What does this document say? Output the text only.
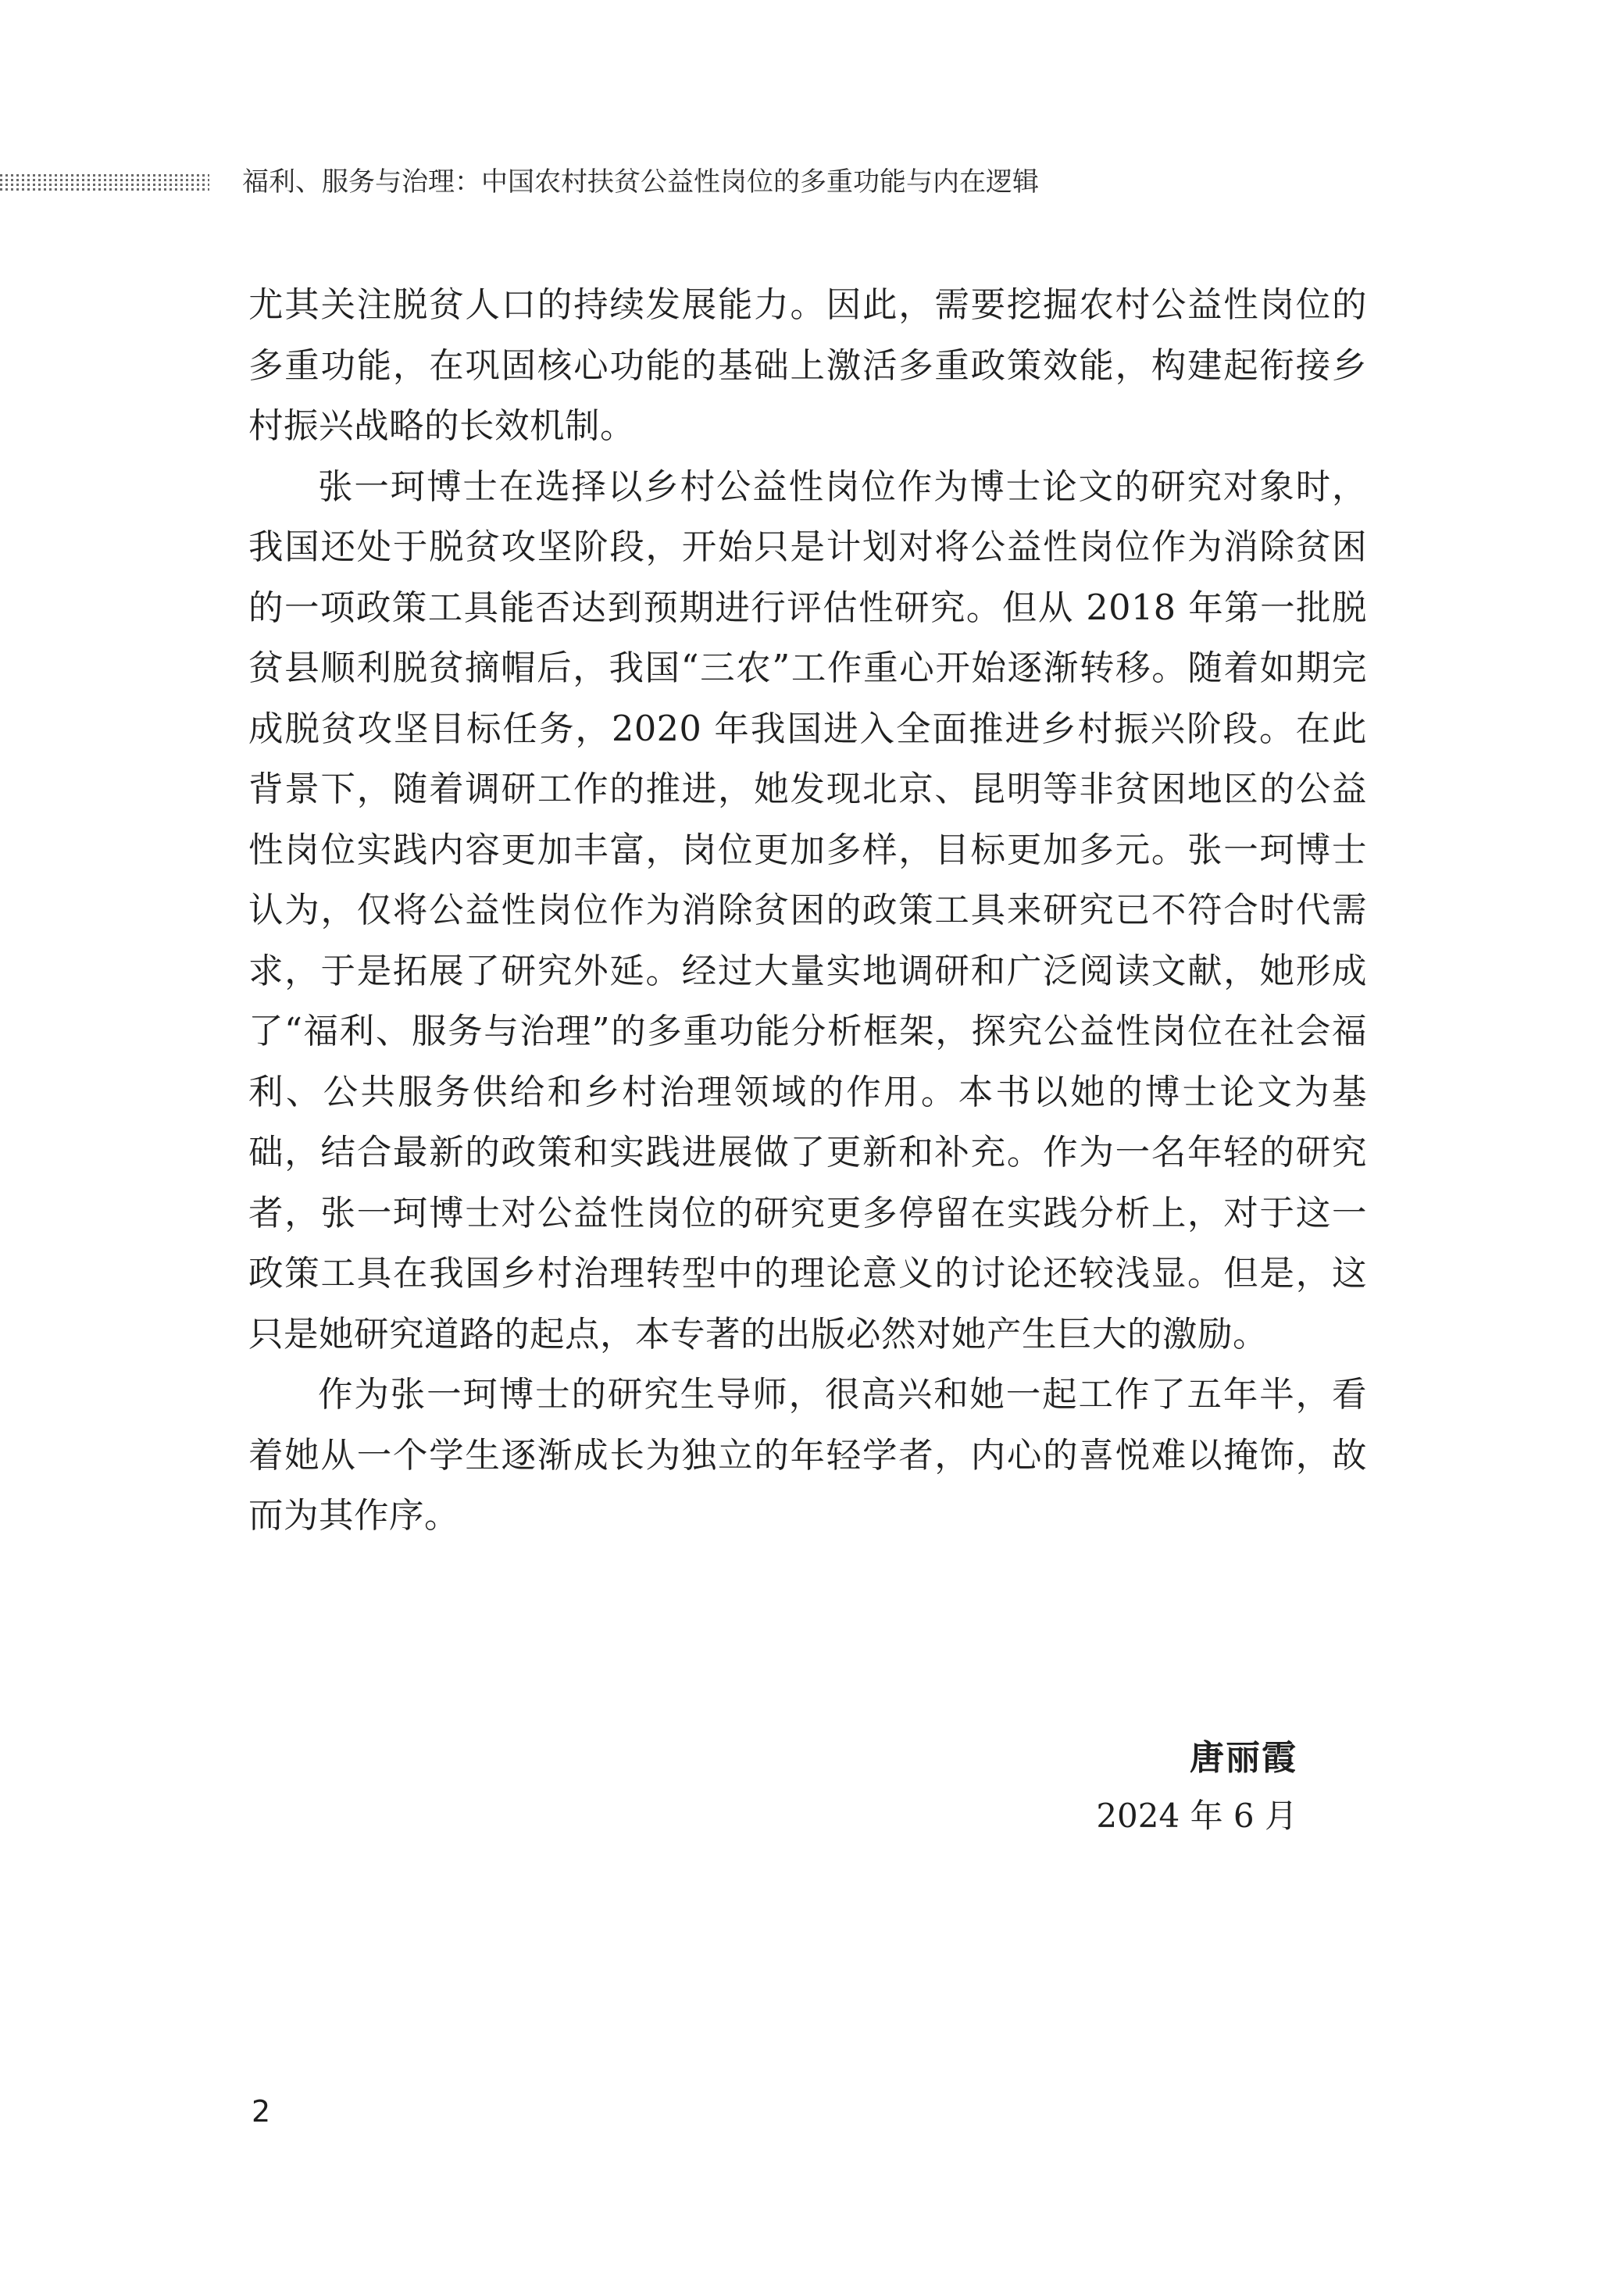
福利、服务与治理：中国农村扶贫公益性岗位的多重功能与内在逻辑

尤其关注脱贫人口的持续发展能力。因此，需要挖掘农村公益性岗位的多重功能，在巩固核心功能的基础上激活多重政策效能，构建起衔接乡村振兴战略的长效机制。

张一珂博士在选择以乡村公益性岗位作为博士论文的研究对象时，我国还处于脱贫攻坚阶段，开始只是计划对将公益性岗位作为消除贫困的一项政策工具能否达到预期进行评估性研究。但从 2018 年第一批脱贫县顺利脱贫摘帽后，我国“三农”工作重心开始逐渐转移。随着如期完成脱贫攻坚目标任务，2020 年我国进入全面推进乡村振兴阶段。在此背景下，随着调研工作的推进，她发现北京、昆明等非贫困地区的公益性岗位实践内容更加丰富，岗位更加多样，目标更加多元。张一珂博士认为，仅将公益性岗位作为消除贫困的政策工具来研究已不符合时代需求，于是拓展了研究外延。经过大量实地调研和广泛阅读文献，她形成了“福利、服务与治理”的多重功能分析框架，探究公益性岗位在社会福利、公共服务供给和乡村治理领域的作用。本书以她的博士论文为基础，结合最新的政策和实践进展做了更新和补充。作为一名年轻的研究者，张一珂博士对公益性岗位的研究更多停留在实践分析上，对于这一政策工具在我国乡村治理转型中的理论意义的讨论还较浅显。但是，这只是她研究道路的起点，本专著的出版必然对她产生巨大的激励。

作为张一珂博士的研究生导师，很高兴和她一起工作了五年半，看着她从一个学生逐渐成长为独立的年轻学者，内心的喜悦难以掩饰，故而为其作序。

唐丽霞
2024 年 6 月
2
